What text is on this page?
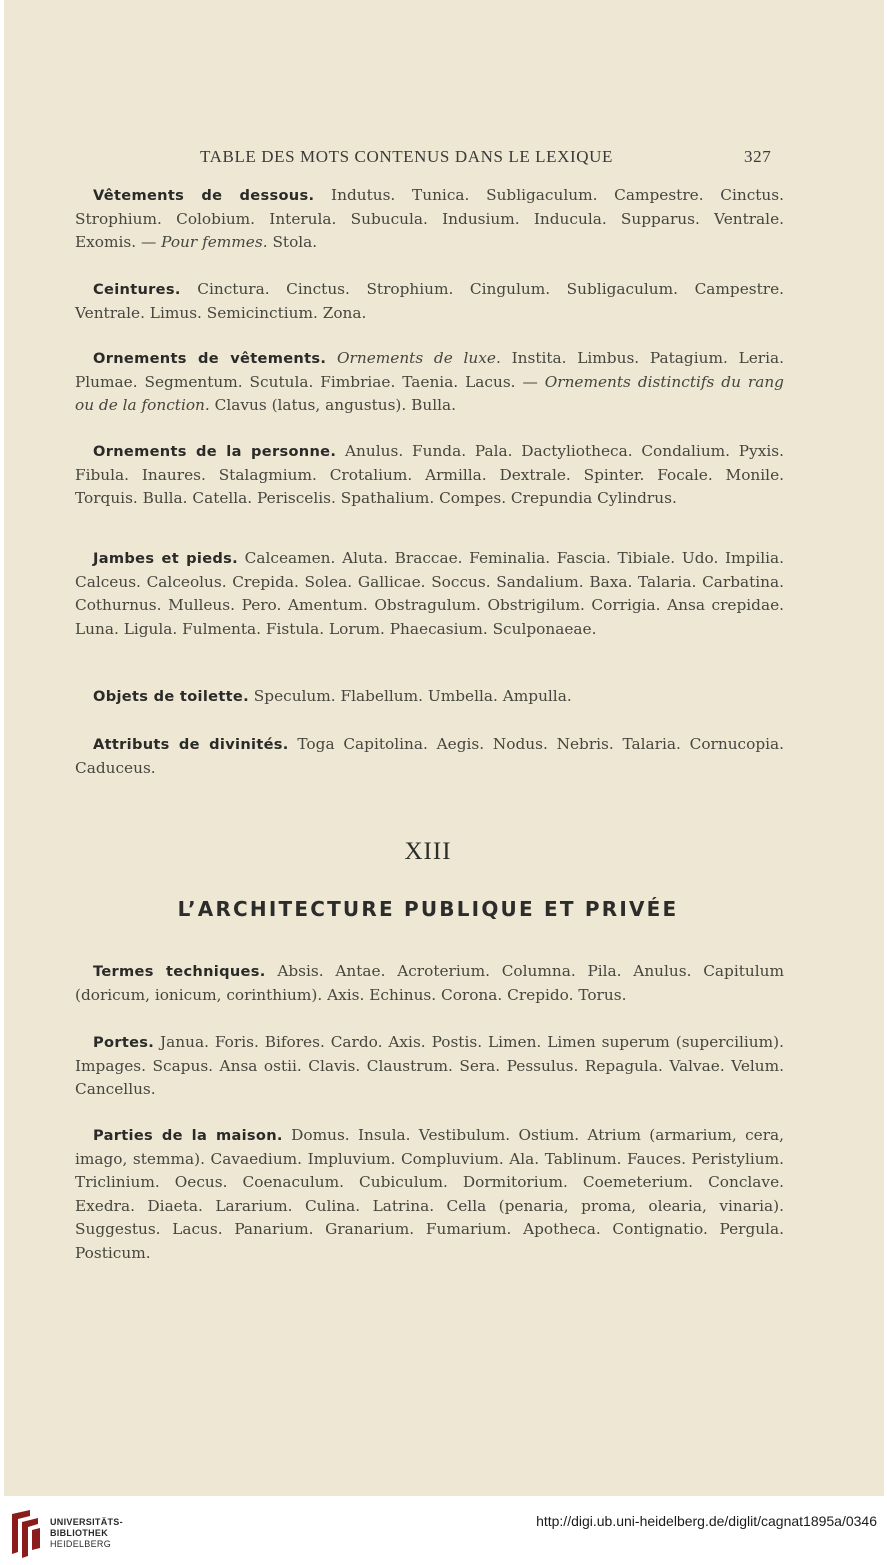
TABLE DES MOTS CONTENUS DANS LE LEXIQUE	327
Vêtements de dessous. Indutus. Tunica. Subligaculum. Campestre. Cinctus. Strophium. Colobium. Interula. Subucula. Indusium. Inducula. Supparus. Ventrale. Exomis. — Pour femmes. Stola.
Ceintures. Cinctura. Cinctus. Strophium. Cingulum. Subligaculum. Campestre. Ventrale. Limus. Semicinctium. Zona.
Ornements de vêtements. Ornements de luxe. Instita. Limbus. Patagium. Leria. Plumae. Segmentum. Scutula. Fimbriae. Taenia. Lacus. — Ornements distinctifs du rang ou de la fonction. Clavus (latus, angustus). Bulla.
Ornements de la personne. Anulus. Funda. Pala. Dactyliotheca. Condalium. Pyxis. Fibula. Inaures. Stalagmium. Crotalium. Armilla. Dextrale. Spinter. Focale. Monile. Torquis. Bulla. Catella. Periscelis. Spathalium. Compes. Crepundia Cylindrus.
Jambes et pieds. Calceamen. Aluta. Braccae. Feminalia. Fascia. Tibiale. Udo. Impilia. Calceus. Calceolus. Crepida. Solea. Gallicae. Soccus. Sandalium. Baxa. Talaria. Carbatina. Cothurnus. Mulleus. Pero. Amentum. Obstragulum. Obstrigilum. Corrigia. Ansa crepidae. Luna. Ligula. Fulmenta. Fistula. Lorum. Phaecasium. Sculponaeae.
Objets de toilette. Speculum. Flabellum. Umbella. Ampulla.
Attributs de divinités. Toga Capitolina. Aegis. Nodus. Nebris. Talaria. Cornucopia. Caduceus.
XIII
L’ARCHITECTURE PUBLIQUE ET PRIVÉE
Termes techniques. Absis. Antae. Acroterium. Columna. Pila. Anulus. Capitulum (doricum, ionicum, corinthium). Axis. Echinus. Corona. Crepido. Torus.
Portes. Janua. Foris. Bifores. Cardo. Axis. Postis. Limen. Limen superum (supercilium). Impages. Scapus. Ansa ostii. Clavis. Claustrum. Sera. Pessulus. Repagula. Valvae. Velum. Cancellus.
Parties de la maison. Domus. Insula. Vestibulum. Ostium. Atrium (armarium, cera, imago, stemma). Cavaedium. Impluvium. Compluvium. Ala. Tablinum. Fauces. Peristylium. Triclinium. Oecus. Coenaculum. Cubiculum. Dormitorium. Coemeterium. Conclave. Exedra. Diaeta. Lararium. Culina. Latrina. Cella (penaria, proma, olearia, vinaria). Suggestus. Lacus. Panarium. Granarium. Fumarium. Apotheca. Contignatio. Pergula. Posticum.
UNIVERSITÄTS-
BIBLIOTHEK
HEIDELBERG
http://digi.ub.uni-heidelberg.de/diglit/cagnat1895a/0346
